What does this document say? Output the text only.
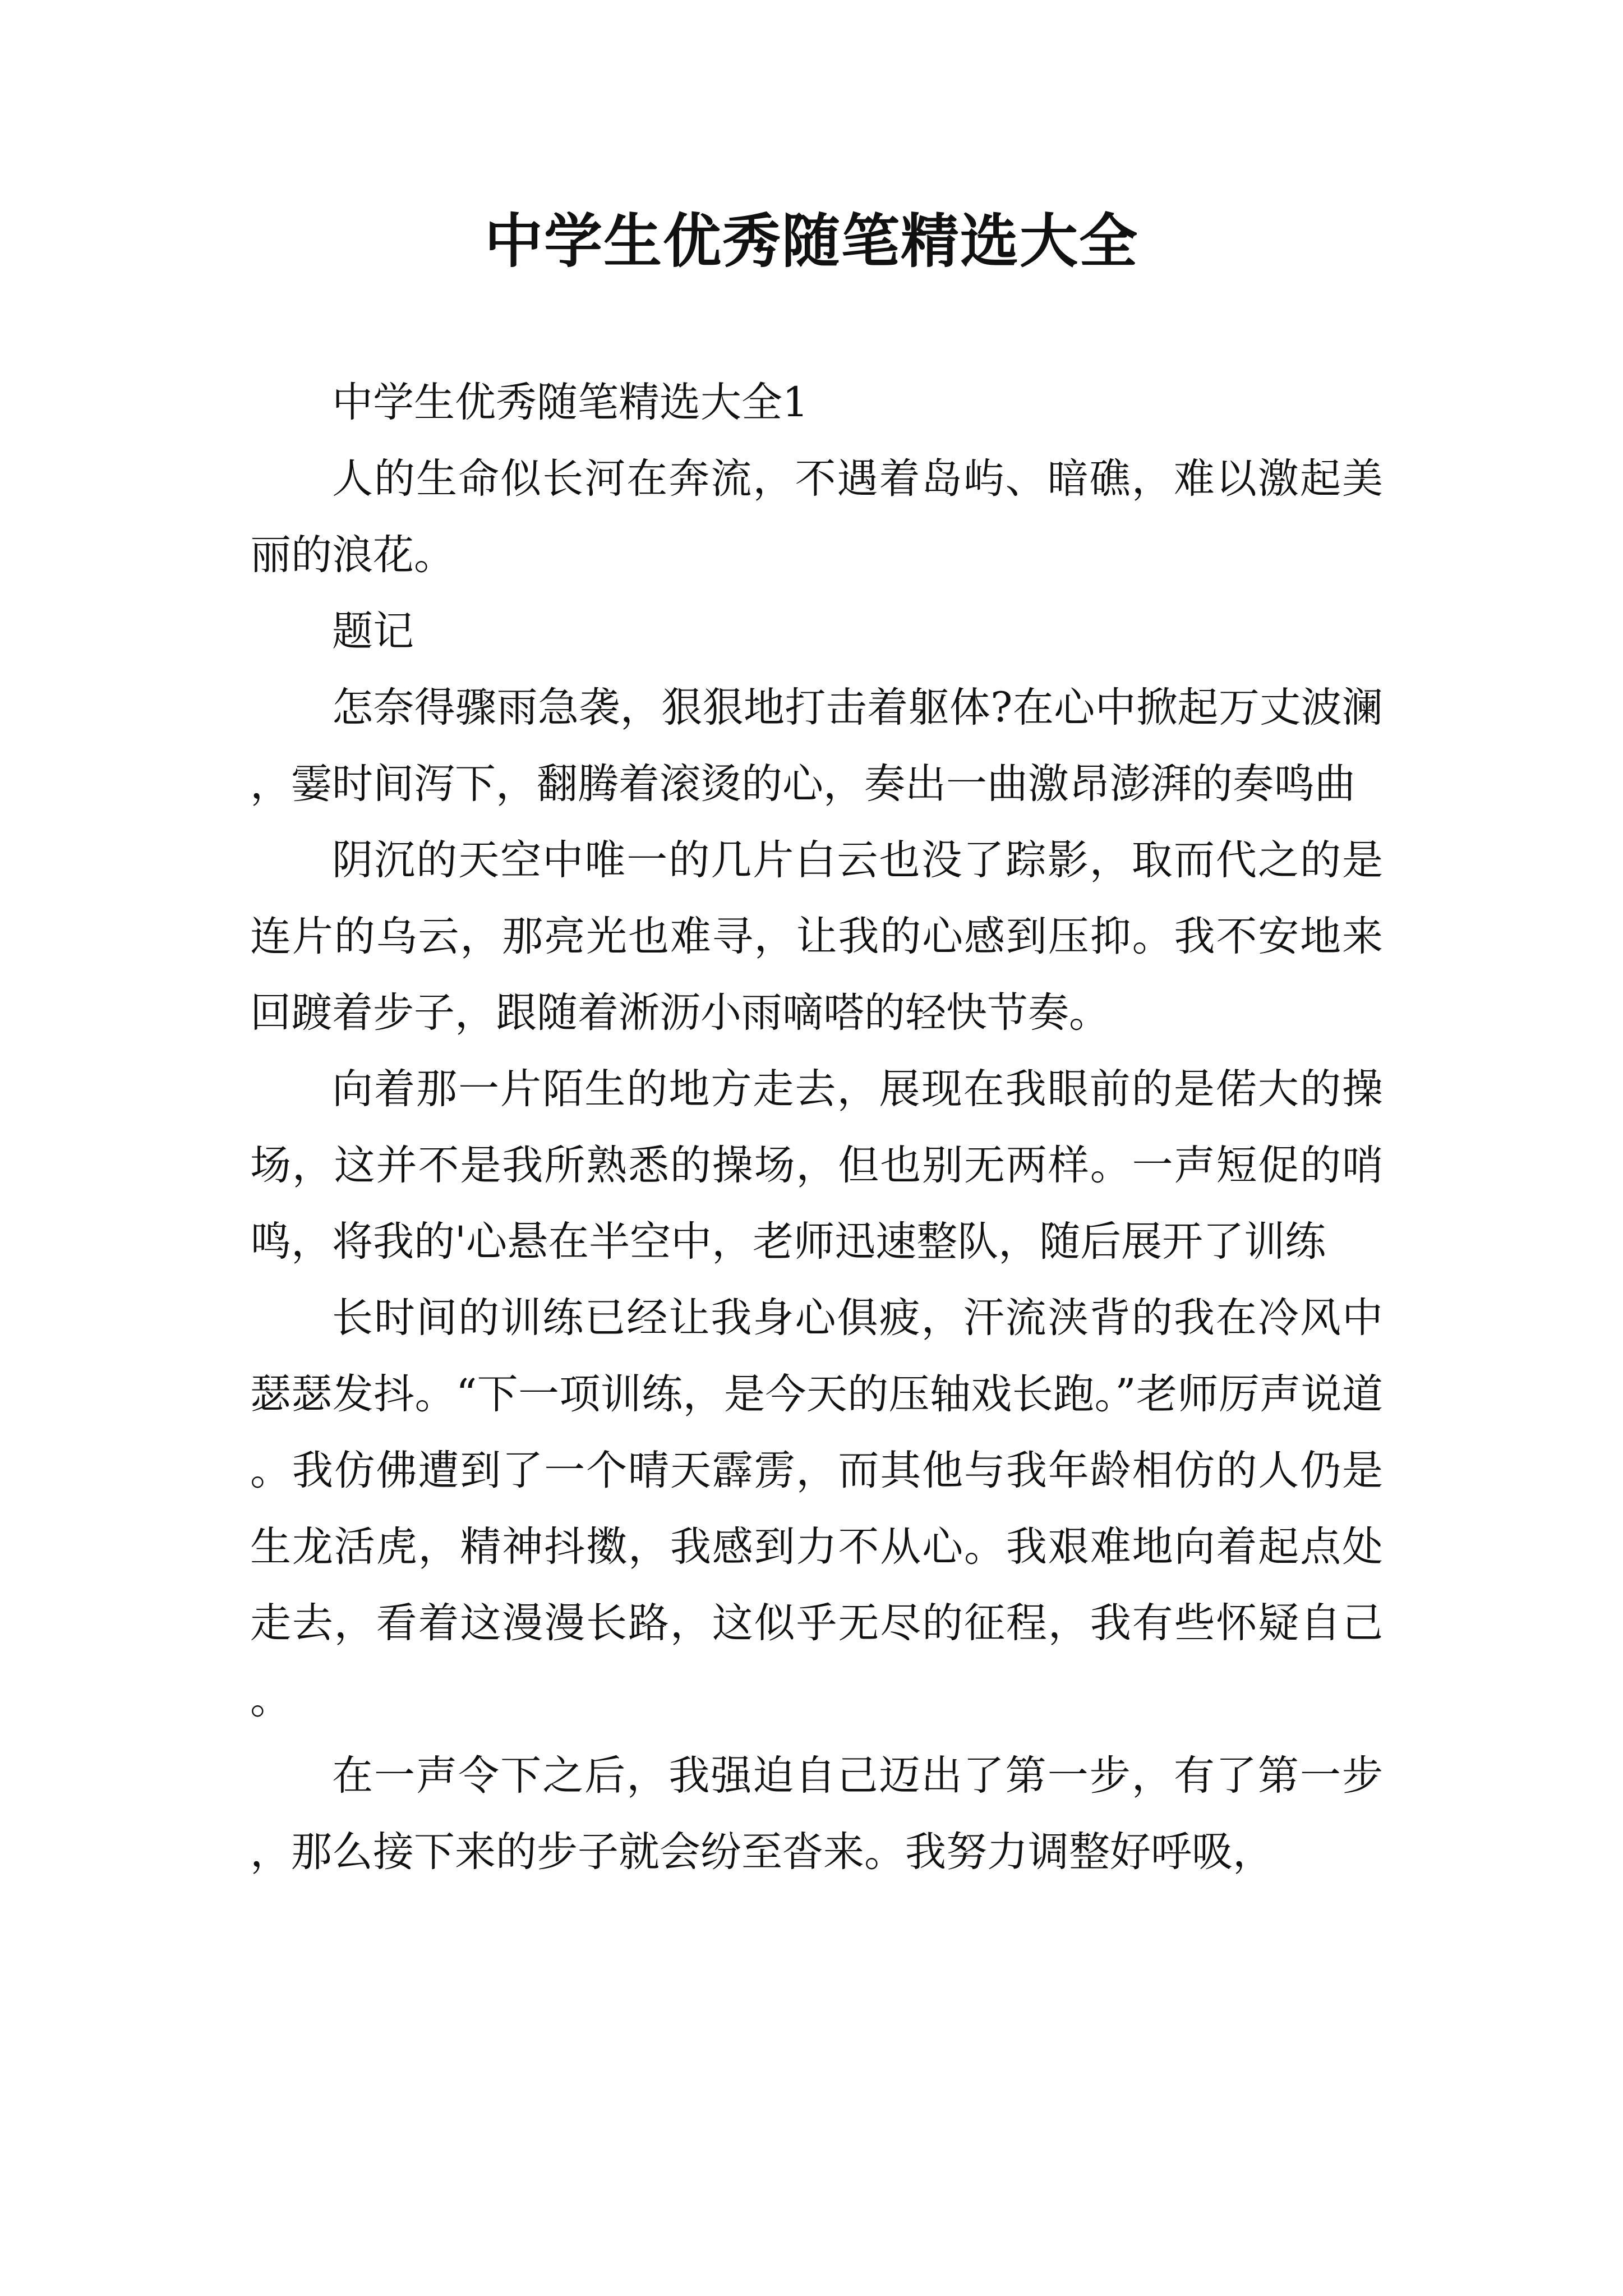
中学生优秀随笔精选大全

中学生优秀随笔精选大全1

人的生命似长河在奔流，不遇着岛屿、暗礁，难以激起美丽的浪花。

题记

怎奈得骤雨急袭，狠狠地打击着躯体?在心中掀起万丈波澜，霎时间泻下，翻腾着滚烫的心，奏出一曲激昂澎湃的奏鸣曲

阴沉的天空中唯一的几片白云也没了踪影，取而代之的是连片的乌云，那亮光也难寻，让我的心感到压抑。我不安地来回踱着步子，跟随着淅沥小雨嘀嗒的轻快节奏。

向着那一片陌生的地方走去，展现在我眼前的是偌大的操场，这并不是我所熟悉的操场，但也别无两样。一声短促的哨鸣，将我的'心悬在半空中，老师迅速整队，随后展开了训练

长时间的训练已经让我身心俱疲，汗流浃背的我在冷风中瑟瑟发抖。“下一项训练，是今天的压轴戏长跑。”老师厉声说道。我仿佛遭到了一个晴天霹雳，而其他与我年龄相仿的人仍是生龙活虎，精神抖擞，我感到力不从心。我艰难地向着起点处走去，看着这漫漫长路，这似乎无尽的征程，我有些怀疑自己。

在一声令下之后，我强迫自己迈出了第一步，有了第一步，那么接下来的步子就会纷至沓来。我努力调整好呼吸，
